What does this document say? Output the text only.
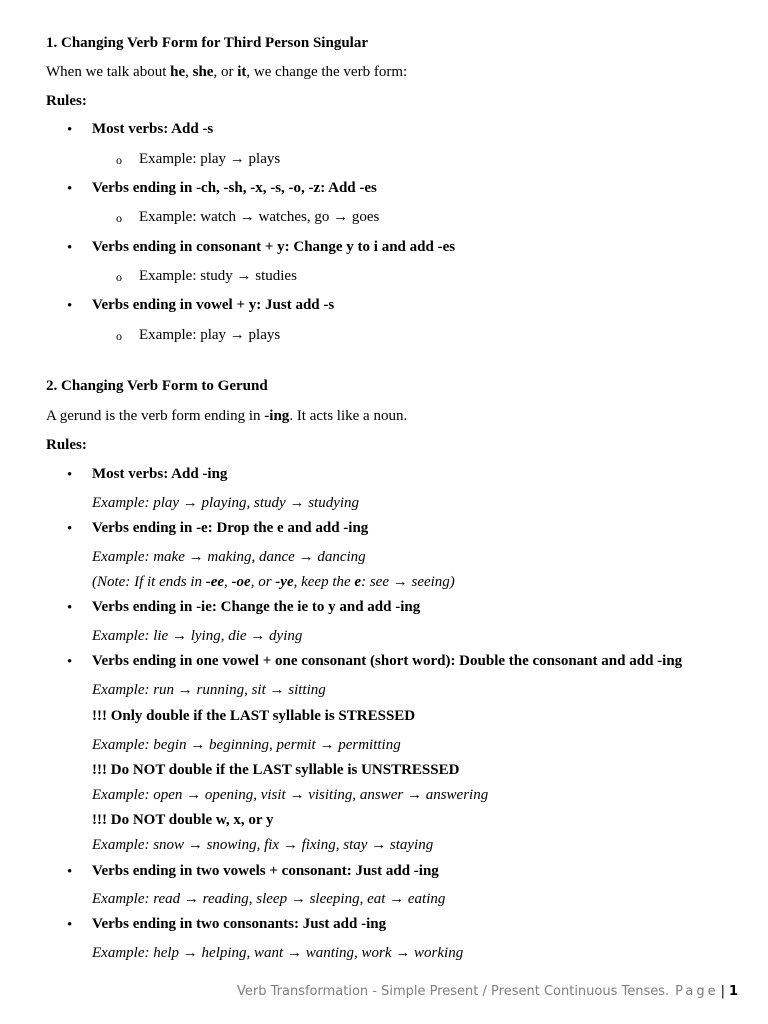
1. Changing Verb Form for Third Person Singular
When we talk about he, she, or it, we change the verb form:
Rules:
• Most verbs: Add -s
o Example: play → plays
• Verbs ending in -ch, -sh, -x, -s, -o, -z: Add -es
o Example: watch → watches, go → goes
• Verbs ending in consonant + y: Change y to i and add -es
o Example: study → studies
• Verbs ending in vowel + y: Just add -s
o Example: play → plays
2. Changing Verb Form to Gerund
A gerund is the verb form ending in -ing. It acts like a noun.
Rules:
• Most verbs: Add -ing
Example: play → playing, study → studying
• Verbs ending in -e: Drop the e and add -ing
Example: make → making, dance → dancing
(Note: If it ends in -ee, -oe, or -ye, keep the e: see → seeing)
• Verbs ending in -ie: Change the ie to y and add -ing
Example: lie → lying, die → dying
• Verbs ending in one vowel + one consonant (short word): Double the consonant and add -ing
Example: run → running, sit → sitting
!!! Only double if the LAST syllable is STRESSED
Example: begin → beginning, permit → permitting
!!! Do NOT double if the LAST syllable is UNSTRESSED
Example: open → opening, visit → visiting, answer → answering
!!! Do NOT double w, x, or y
Example: snow → snowing, fix → fixing, stay → staying
• Verbs ending in two vowels + consonant: Just add -ing
Example: read → reading, sleep → sleeping, eat → eating
• Verbs ending in two consonants: Just add -ing
Example: help → helping, want → wanting, work → working
Verb Transformation - Simple Present / Present Continuous Tenses. Page | 1
